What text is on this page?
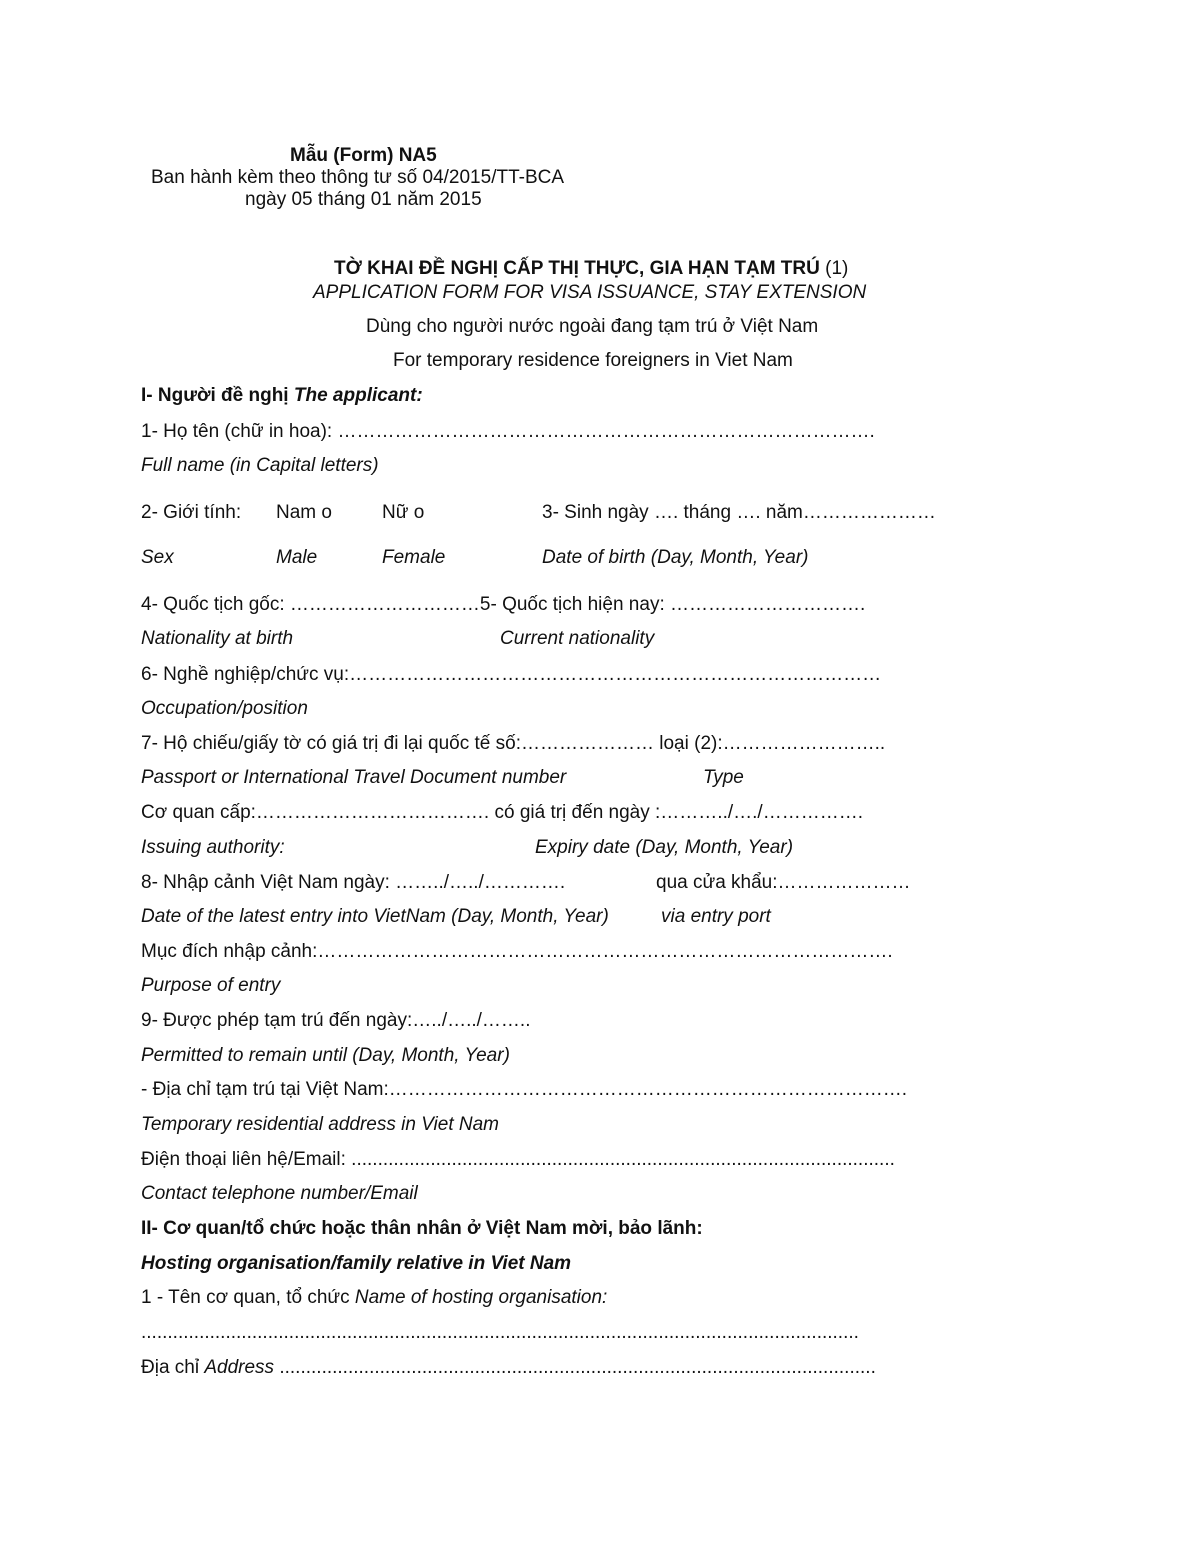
Mẫu (Form) NA5
Ban hành kèm theo thông tư số 04/2015/TT-BCA
ngày 05 tháng 01 năm 2015
TỜ KHAI ĐỀ NGHỊ CẤP THỊ THỰC, GIA HẠN TẠM TRÚ (1)
APPLICATION FORM FOR VISA ISSUANCE, STAY EXTENSION
Dùng cho người nước ngoài đang tạm trú ở Việt Nam
For temporary residence foreigners in Viet Nam
I- Người đề nghị The applicant:
1- Họ tên (chữ in hoa): ………………………………………………………………………….
Full name (in Capital letters)
2- Giới tính: Nam o	Nữ o	3- Sinh ngày …. tháng …. năm…………………
Sex	Male	Female	Date of birth (Day, Month, Year)
4- Quốc tịch gốc: …………………………5- Quốc tịch hiện nay: ………………………….
Nationality at birth	Current nationality
6- Nghề nghiệp/chức vụ:…………………………………………………………………………
Occupation/position
7- Hộ chiếu/giấy tờ có giá trị đi lại quốc tế số:………………… loại (2):……………………..
Passport or International Travel Document number	Type
Cơ quan cấp:………………………………. có giá trị đến ngày :………../…./…………….
Issuing authority:	Expiry date (Day, Month, Year)
8- Nhập cảnh Việt Nam ngày: ……../…../………….	qua cửa khẩu:…………………
Date of the latest entry into VietNam (Day, Month, Year)	via entry port
Mục đích nhập cảnh:……………………………………………………………………………….
Purpose of entry
9- Được phép tạm trú đến ngày:…../…../……..
Permitted to remain until (Day, Month, Year)
- Địa chỉ tạm trú tại Việt Nam:……………………………………………………………………….
Temporary residential address in Viet Nam
Điện thoại liên hệ/Email: .......................................................................................................
Contact telephone number/Email
II- Cơ quan/tổ chức hoặc thân nhân ở Việt Nam mời, bảo lãnh:
Hosting organisation/family relative in Viet Nam
1 - Tên cơ quan, tổ chức Name of hosting organisation:
........................................................................................................................................
Địa chỉ Address .................................................................................................................
